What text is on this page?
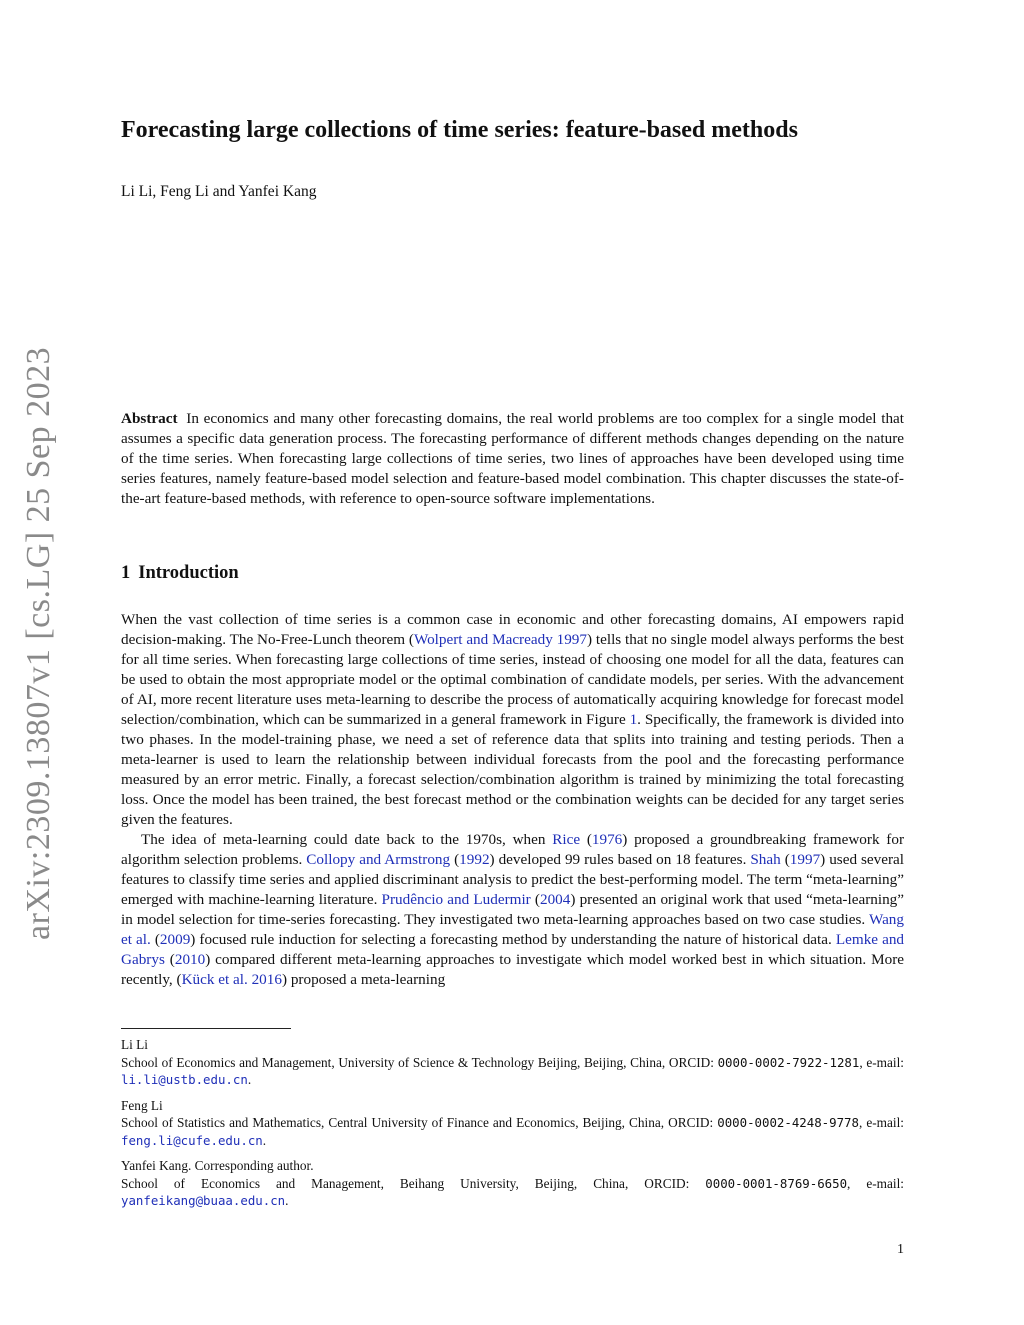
arXiv:2309.13807v1 [cs.LG] 25 Sep 2023
Forecasting large collections of time series: feature-based methods
Li Li, Feng Li and Yanfei Kang
Abstract In economics and many other forecasting domains, the real world problems are too complex for a single model that assumes a specific data generation process. The forecasting performance of different methods changes depending on the nature of the time series. When forecasting large collections of time series, two lines of approaches have been developed using time series features, namely feature-based model selection and feature-based model combination. This chapter discusses the state-of-the-art feature-based methods, with reference to open-source software implementations.
1 Introduction

When the vast collection of time series is a common case in economic and other forecasting domains, AI empowers rapid decision-making. The No-Free-Lunch theorem (Wolpert and Macready 1997) tells that no single model always performs the best for all time series. When forecasting large collections of time series, instead of choosing one model for all the data, features can be used to obtain the most appropriate model or the optimal combination of candidate models, per series. With the advancement of AI, more recent literature uses meta-learning to describe the process of automatically acquiring knowledge for forecast model selection/combination, which can be summarized in a general framework in Figure 1. Specifically, the framework is divided into two phases. In the model-training phase, we need a set of reference data that splits into training and testing periods. Then a meta-learner is used to learn the relationship between individual forecasts from the pool and the forecasting performance measured by an error metric. Finally, a forecast selection/combination algorithm is trained by minimizing the total forecasting loss. Once the model has been trained, the best forecast method or the combination weights can be decided for any target series given the features.

The idea of meta-learning could date back to the 1970s, when Rice (1976) proposed a groundbreaking framework for algorithm selection problems. Collopy and Armstrong (1992) developed 99 rules based on 18 features. Shah (1997) used several features to classify time series and applied discriminant analysis to predict the best-performing model. The term “meta-learning” emerged with machine-learning literature. Prudêncio and Ludermir (2004) presented an original work that used “meta-learning” in model selection for time-series forecasting. They investigated two meta-learning approaches based on two case studies. Wang et al. (2009) focused rule induction for selecting a forecasting method by understanding the nature of historical data. Lemke and Gabrys (2010) compared different meta-learning approaches to investigate which model worked best in which situation. More recently, (Kück et al. 2016) proposed a meta-learning

Li Li
School of Economics and Management, University of Science & Technology Beijing, Beijing, China, ORCID: 0000-0002-7922-1281, e-mail: li.li@ustb.edu.cn.
Feng Li
School of Statistics and Mathematics, Central University of Finance and Economics, Beijing, China, ORCID: 0000-0002-4248-9778, e-mail: feng.li@cufe.edu.cn.
Yanfei Kang. Corresponding author.
School of Economics and Management, Beihang University, Beijing, China, ORCID: 0000-0001-8769-6650, e-mail: yanfeikang@buaa.edu.cn.
1
